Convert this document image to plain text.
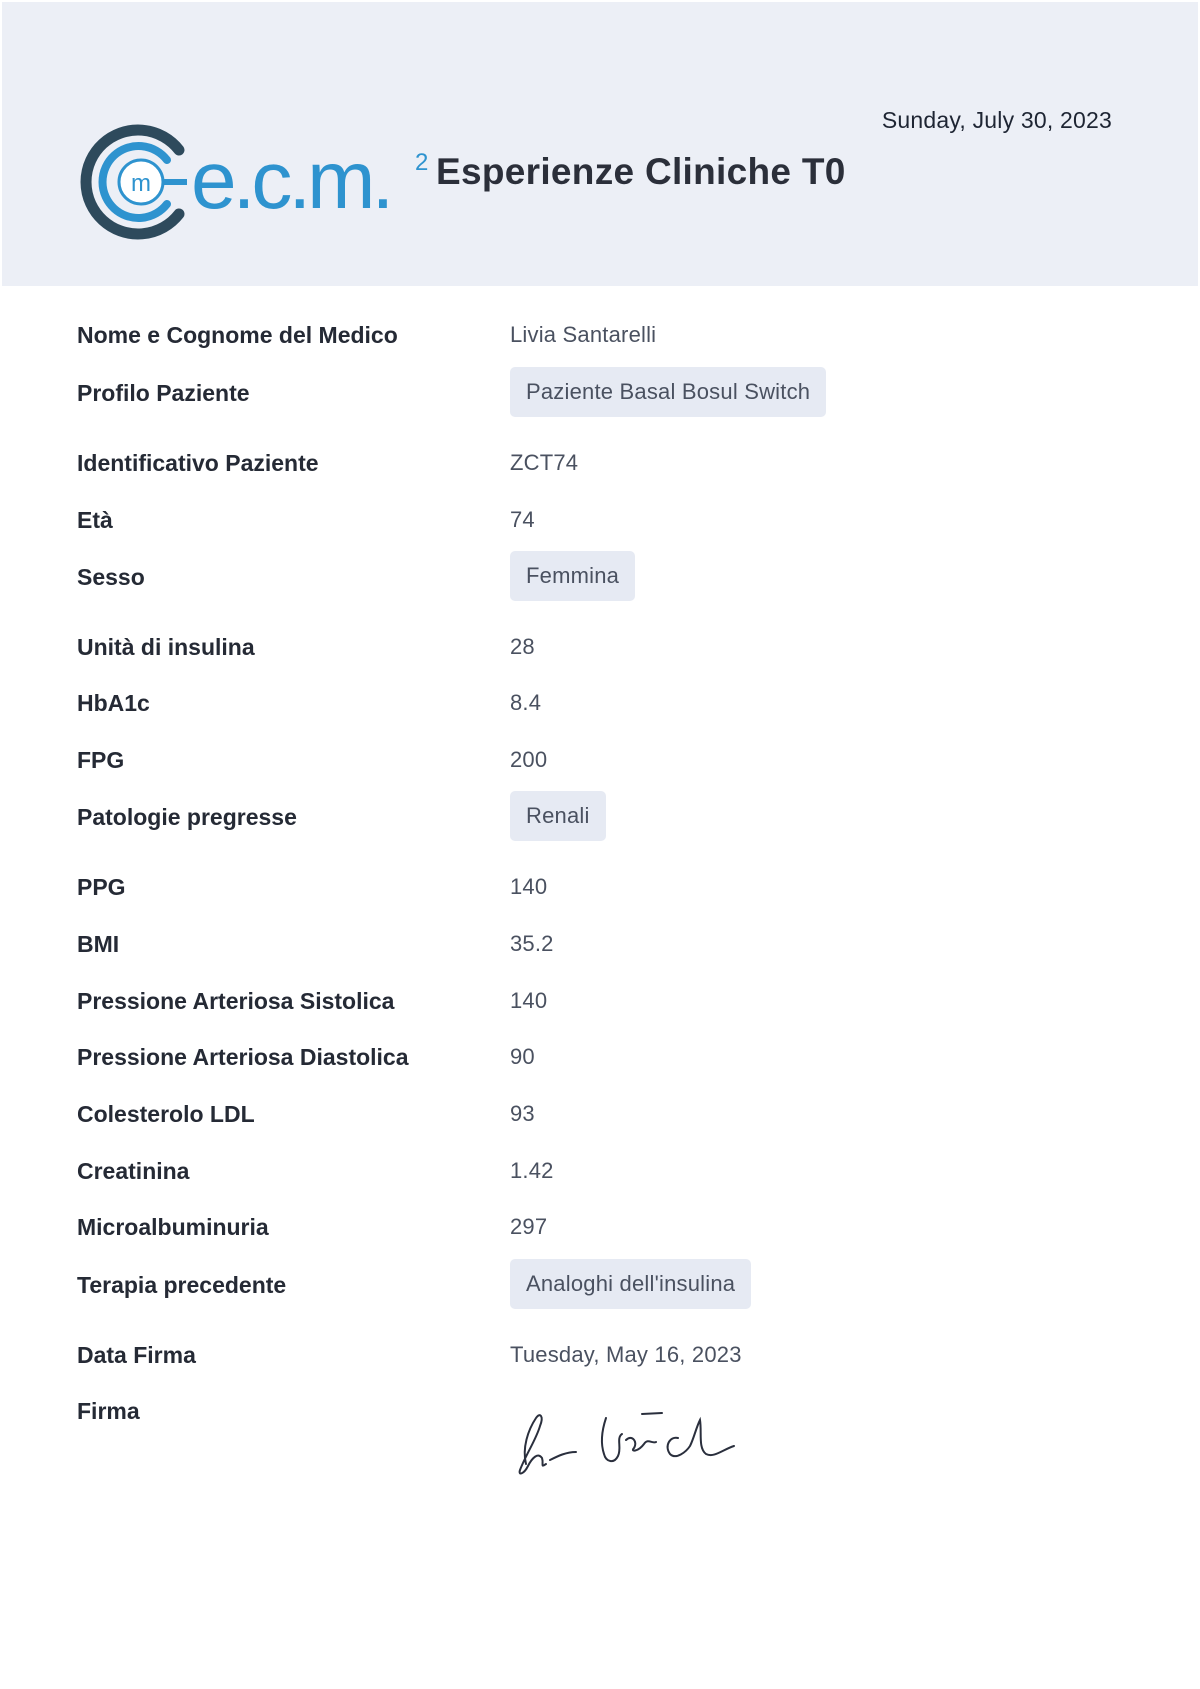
m e.c.m. 2 Esperienze Cliniche T0
Sunday, July 30, 2023
Nome e Cognome del Medico	Livia Santarelli
Profilo Paziente	Paziente Basal Bosul Switch
Identificativo Paziente	ZCT74
Età	74
Sesso	Femmina
Unità di insulina	28
HbA1c	8.4
FPG	200
Patologie pregresse	Renali
PPG	140
BMI	35.2
Pressione Arteriosa Sistolica	140
Pressione Arteriosa Diastolica	90
Colesterolo LDL	93
Creatinina	1.42
Microalbuminuria	297
Terapia precedente	Analoghi dell'insulina
Data Firma	Tuesday, May 16, 2023
Firma
